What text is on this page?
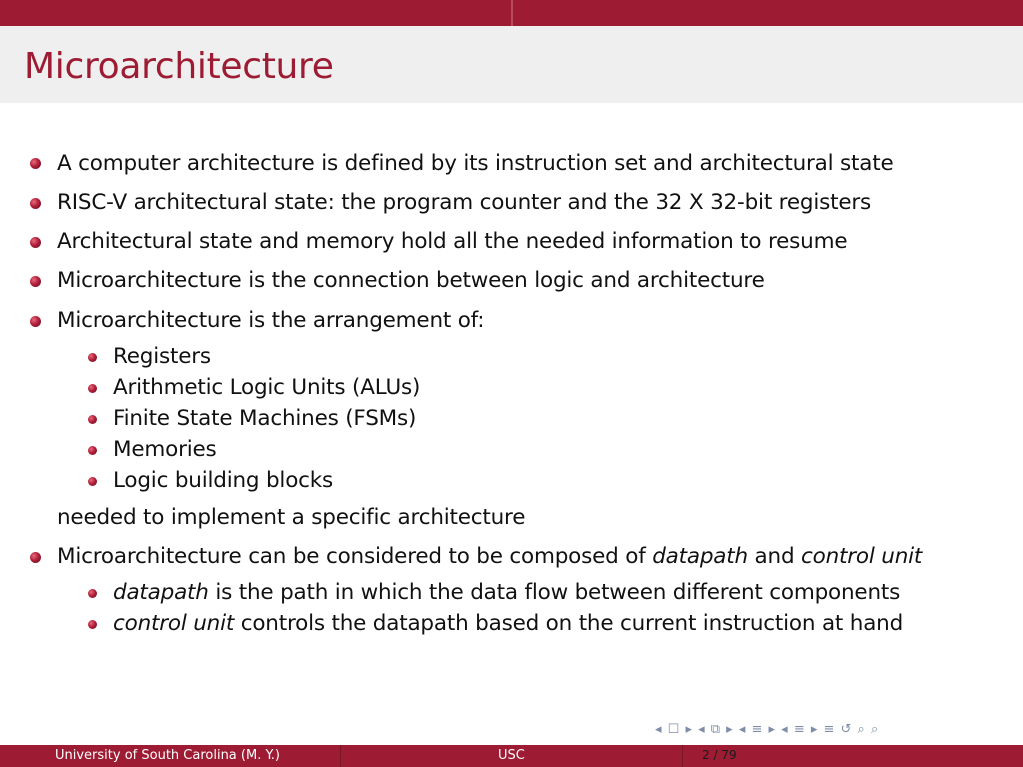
Microarchitecture
A computer architecture is defined by its instruction set and architectural state
RISC-V architectural state: the program counter and the 32 X 32-bit registers
Architectural state and memory hold all the needed information to resume
Microarchitecture is the connection between logic and architecture
Microarchitecture is the arrangement of:
Registers
Arithmetic Logic Units (ALUs)
Finite State Machines (FSMs)
Memories
Logic building blocks
needed to implement a specific architecture
Microarchitecture can be considered to be composed of datapath and control unit
datapath is the path in which the data flow between different components
control unit controls the datapath based on the current instruction at hand
◂ ☐ ▸ ◂ ⧉ ▸ ◂ ≡ ▸ ◂ ≡ ▸ ≡ ↺ ⌕ ⌕
University of South Carolina (M. Y.)	USC	2 / 79
